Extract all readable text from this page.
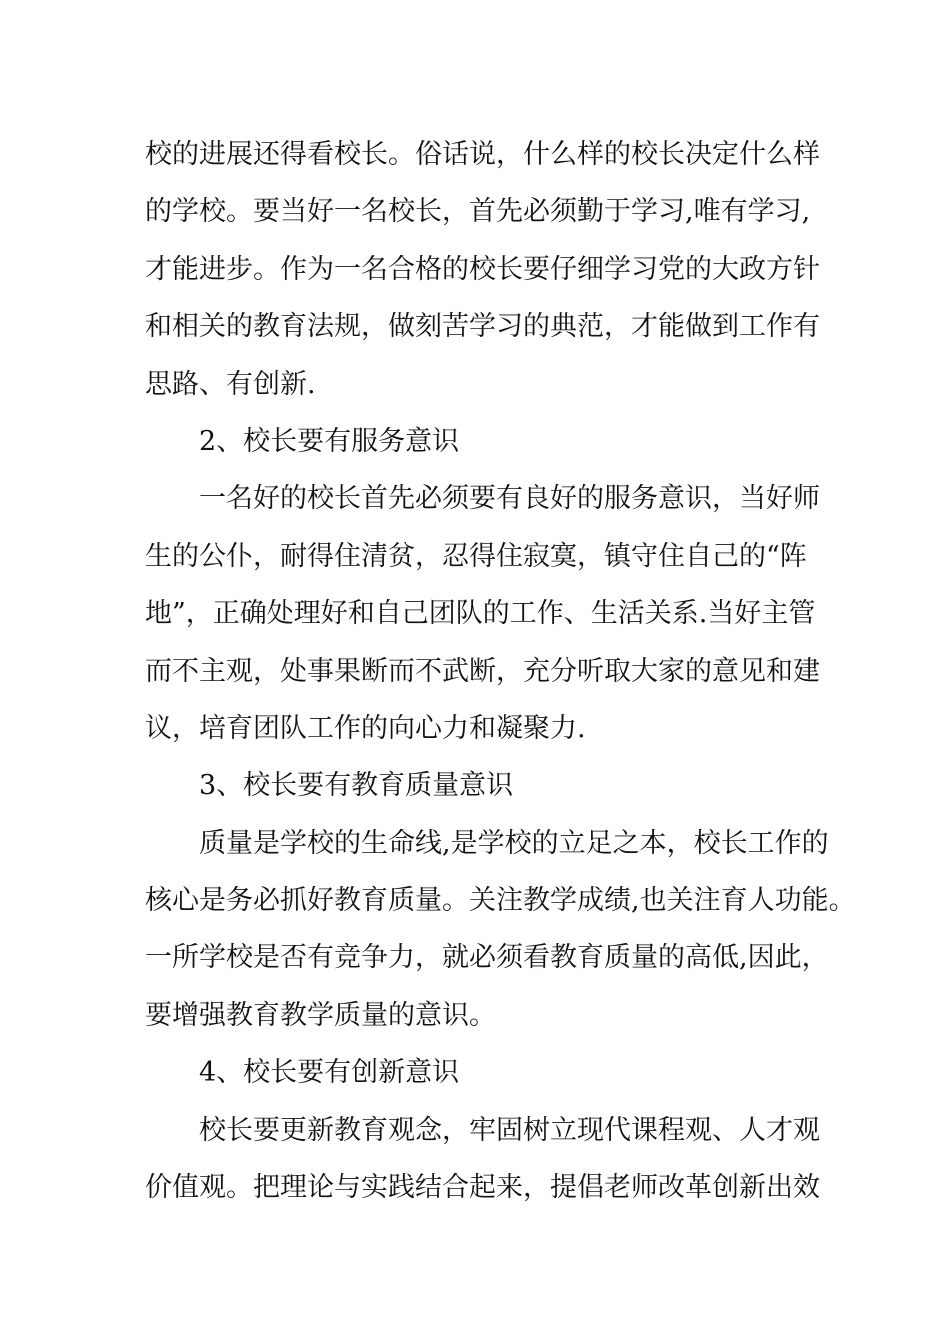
校的进展还得看校长。俗话说，什么样的校长决定什么样
的学校。要当好一名校长，首先必须勤于学习,唯有学习,
才能进步。作为一名合格的校长要仔细学习党的大政方针
和相关的教育法规，做刻苦学习的典范，才能做到工作有
思路、有创新.
2、校长要有服务意识
一名好的校长首先必须要有良好的服务意识，当好师
生的公仆，耐得住清贫，忍得住寂寞，镇守住自己的“阵
地”，正确处理好和自己团队的工作、生活关系.当好主管
而不主观，处事果断而不武断，充分听取大家的意见和建
议，培育团队工作的向心力和凝聚力.
3、校长要有教育质量意识
质量是学校的生命线,是学校的立足之本，校长工作的
核心是务必抓好教育质量。关注教学成绩,也关注育人功能。
一所学校是否有竞争力，就必须看教育质量的高低,因此，
要增强教育教学质量的意识。
4、校长要有创新意识
校长要更新教育观念，牢固树立现代课程观、人才观
价值观。把理论与实践结合起来，提倡老师改革创新出效
